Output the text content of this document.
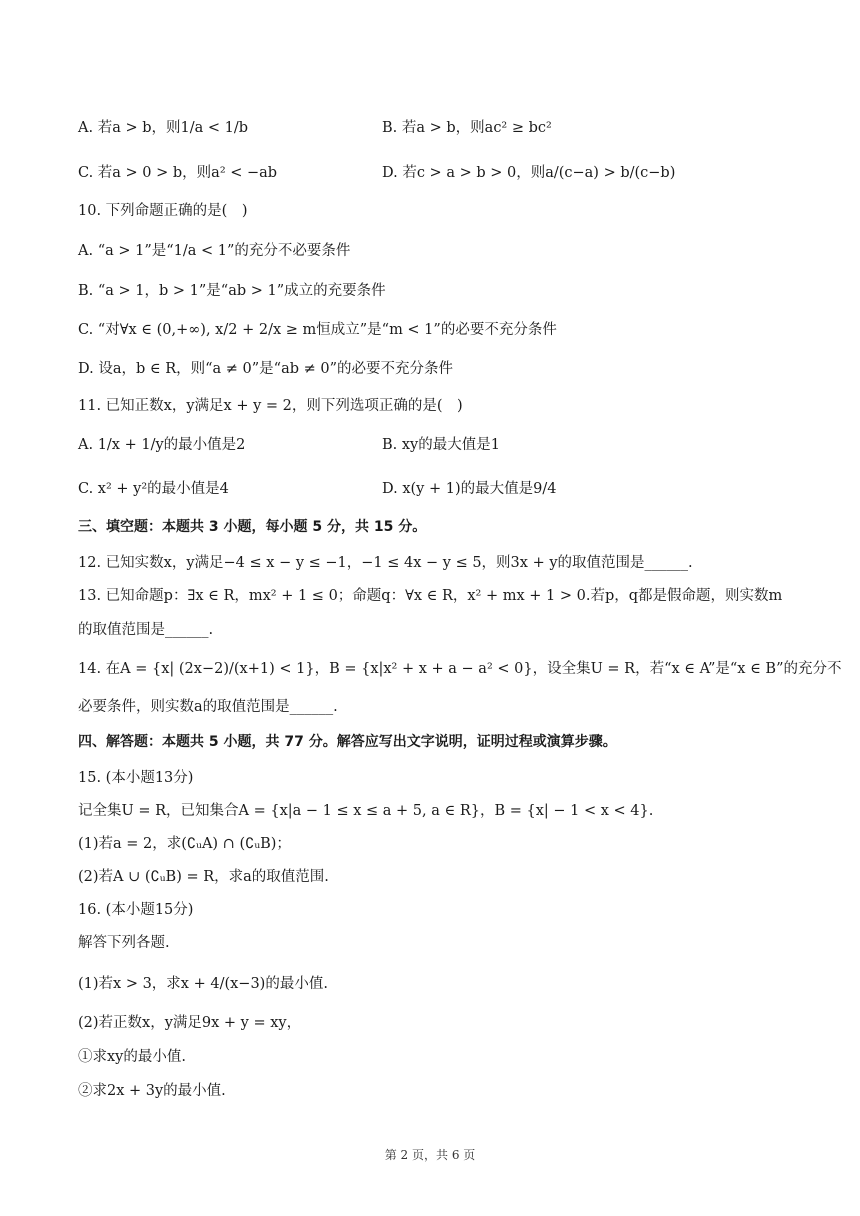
A. 若a > b，则1/a < 1/b	B. 若a > b，则ac² ≥ bc²
C. 若a > 0 > b，则a² < −ab	D. 若c > a > b > 0，则a/(c−a) > b/(c−b)
10. 下列命题正确的是(　)
A. “a > 1”是“1/a < 1”的充分不必要条件
B. “a > 1，b > 1”是“ab > 1”成立的充要条件
C. “对∀x ∈ (0,+∞), x/2 + 2/x ≥ m恒成立”是“m < 1”的必要不充分条件
D. 设a，b ∈ R，则“a ≠ 0”是“ab ≠ 0”的必要不充分条件
11. 已知正数x，y满足x + y = 2，则下列选项正确的是(　)
A. 1/x + 1/y的最小值是2	B. xy的最大值是1
C. x² + y²的最小值是4	D. x(y + 1)的最大值是9/4
三、填空题：本题共 3 小题，每小题 5 分，共 15 分。
12. 已知实数x，y满足−4 ≤ x − y ≤ −1，−1 ≤ 4x − y ≤ 5，则3x + y的取值范围是______.
13. 已知命题p：∃x ∈ R，mx² + 1 ≤ 0；命题q：∀x ∈ R，x² + mx + 1 > 0.若p，q都是假命题，则实数m
的取值范围是______.
14. 在A = {x| (2x−2)/(x+1) < 1}，B = {x|x² + x + a − a² < 0}，设全集U = R，若“x ∈ A”是“x ∈ B”的充分不
必要条件，则实数a的取值范围是______.
四、解答题：本题共 5 小题，共 77 分。解答应写出文字说明，证明过程或演算步骤。
15. (本小题13分)
记全集U = R，已知集合A = {x|a − 1 ≤ x ≤ a + 5, a ∈ R}，B = {x| − 1 < x < 4}.
(1)若a = 2，求(∁ᵤA) ∩ (∁ᵤB)；
(2)若A ∪ (∁ᵤB) = R，求a的取值范围.
16. (本小题15分)
解答下列各题.
(1)若x > 3，求x + 4/(x−3)的最小值.
(2)若正数x，y满足9x + y = xy，
①求xy的最小值.
②求2x + 3y的最小值.
第 2 页，共 6 页
